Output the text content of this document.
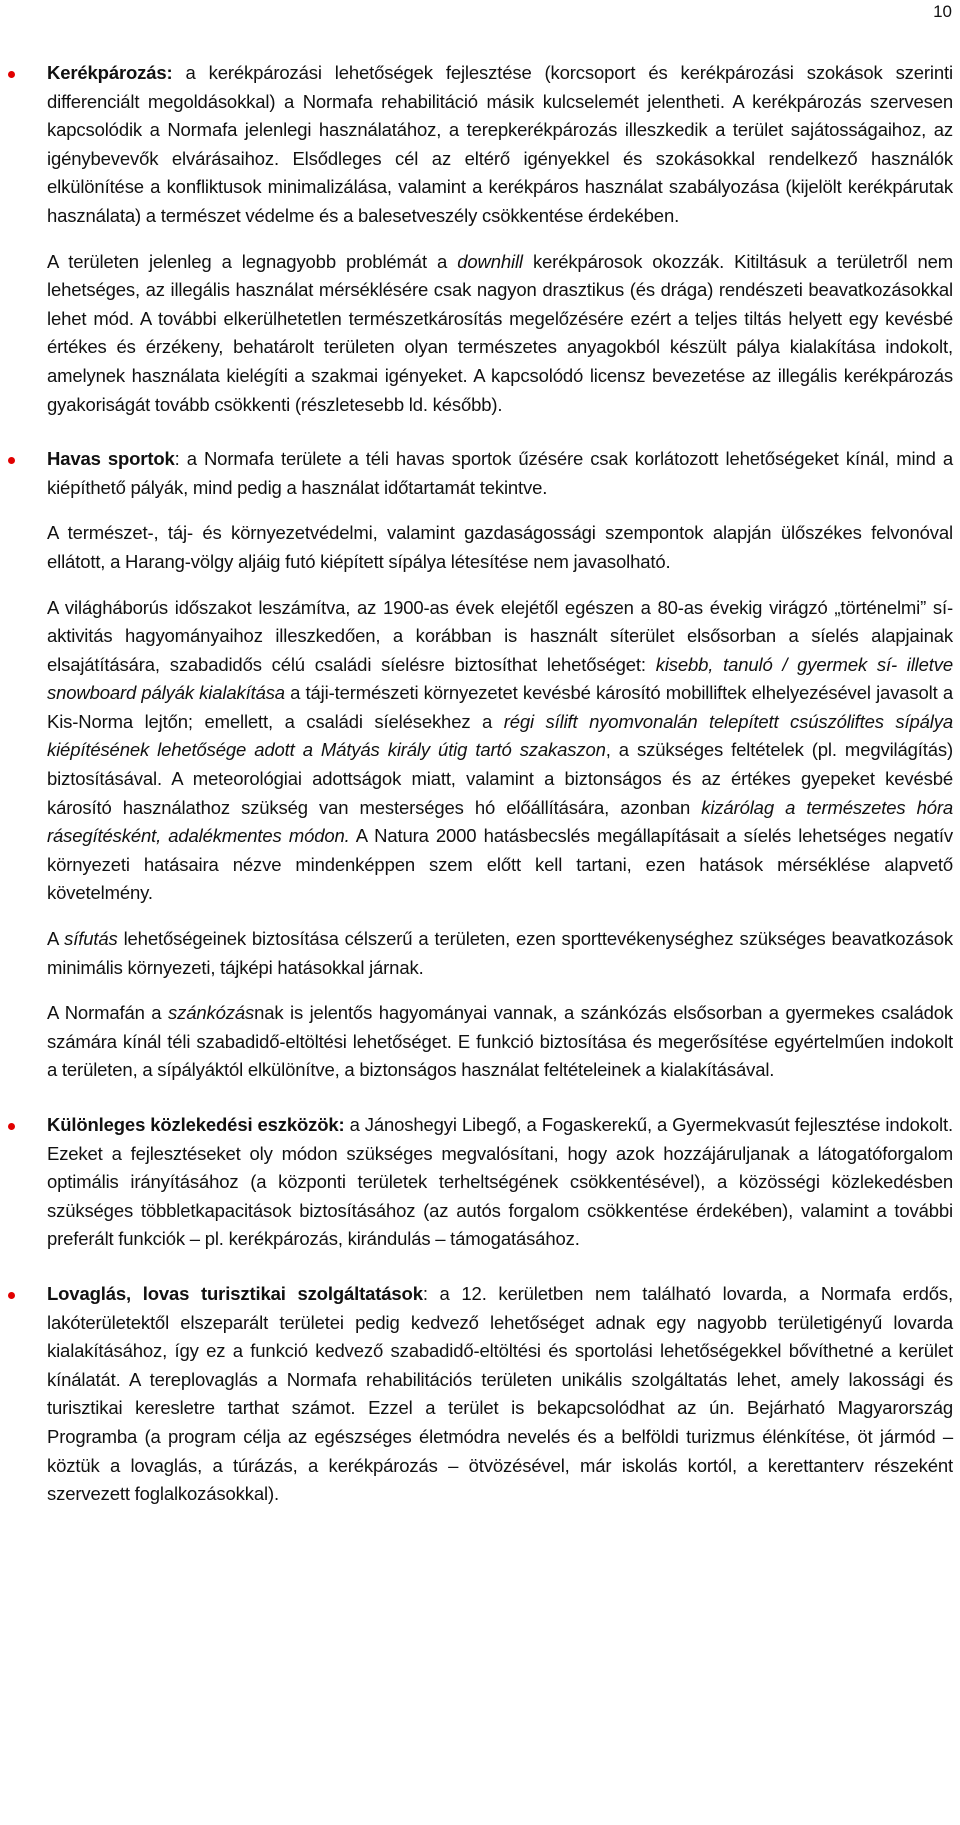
10

Kerékpározás: a kerékpározási lehetőségek fejlesztése (korcsoport és kerékpározási szokások szerinti differenciált megoldásokkal) a Normafa rehabilitáció másik kulcselemét jelentheti. A kerékpározás szervesen kapcsolódik a Normafa jelenlegi használatához, a terepkerékpározás illeszkedik a terület sajátosságaihoz, az igénybevevők elvárásaihoz. Elsődleges cél az eltérő igényekkel és szokásokkal rendelkező használók elkülönítése a konfliktusok minimalizálása, valamint a kerékpáros használat szabályozása (kijelölt kerékpárutak használata) a természet védelme és a balesetveszély csökkentése érdekében.

A területen jelenleg a legnagyobb problémát a downhill kerékpárosok okozzák. Kitiltásuk a területről nem lehetséges, az illegális használat mérséklésére csak nagyon drasztikus (és drága) rendészeti beavatkozásokkal lehet mód. A további elkerülhetetlen természetkárosítás megelőzésére ezért a teljes tiltás helyett egy kevésbé értékes és érzékeny, behatárolt területen olyan természetes anyagokból készült pálya kialakítása indokolt, amelynek használata kielégíti a szakmai igényeket. A kapcsolódó licensz bevezetése az illegális kerékpározás gyakoriságát tovább csökkenti (részletesebb ld. később).

Havas sportok: a Normafa területe a téli havas sportok űzésére csak korlátozott lehetőségeket kínál, mind a kiépíthető pályák, mind pedig a használat időtartamát tekintve.

A természet-, táj- és környezetvédelmi, valamint gazdaságossági szempontok alapján ülőszékes felvonóval ellátott, a Harang-völgy aljáig futó kiépített sípálya létesítése nem javasolható.

A világháborús időszakot leszámítva, az 1900-as évek elejétől egészen a 80-as évekig virágzó „történelmi” sí-aktivitás hagyományaihoz illeszkedően, a korábban is használt síterület elsősorban a síelés alapjainak elsajátítására, szabadidős célú családi síelésre biztosíthat lehetőséget: kisebb, tanuló / gyermek sí- illetve snowboard pályák kialakítása a táji-természeti környezetet kevésbé károsító mobilliftek elhelyezésével javasolt a Kis-Norma lejtőn; emellett, a családi síelésekhez a régi sílift nyomvonalán telepített csúszóliftes sípálya kiépítésének lehetősége adott a Mátyás király útig tartó szakaszon, a szükséges feltételek (pl. megvilágítás) biztosításával. A meteorológiai adottságok miatt, valamint a biztonságos és az értékes gyepeket kevésbé károsító használathoz szükség van mesterséges hó előállítására, azonban kizárólag a természetes hóra rásegítésként, adalékmentes módon. A Natura 2000 hatásbecslés megállapításait a síelés lehetséges negatív környezeti hatásaira nézve mindenképpen szem előtt kell tartani, ezen hatások mérséklése alapvető követelmény.

A sífutás lehetőségeinek biztosítása célszerű a területen, ezen sporttevékenységhez szükséges beavatkozások minimális környezeti, tájképi hatásokkal járnak.

A Normafán a szánkózásnak is jelentős hagyományai vannak, a szánkózás elsősorban a gyermekes családok számára kínál téli szabadidő-eltöltési lehetőséget. E funkció biztosítása és megerősítése egyértelműen indokolt a területen, a sípályáktól elkülönítve, a biztonságos használat feltételeinek a kialakításával.

Különleges közlekedési eszközök: a Jánoshegyi Libegő, a Fogaskerekű, a Gyermekvasút fejlesztése indokolt. Ezeket a fejlesztéseket oly módon szükséges megvalósítani, hogy azok hozzájáruljanak a látogatóforgalom optimális irányításához (a központi területek terheltségének csökkentésével), a közösségi közlekedésben szükséges többletkapacitások biztosításához (az autós forgalom csökkentése érdekében), valamint a további preferált funkciók – pl. kerékpározás, kirándulás – támogatásához.

Lovaglás, lovas turisztikai szolgáltatások: a 12. kerületben nem található lovarda, a Normafa erdős, lakóterületektől elszeparált területei pedig kedvező lehetőséget adnak egy nagyobb területigényű lovarda kialakításához, így ez a funkció kedvező szabadidő-eltöltési és sportolási lehetőségekkel bővíthetné a kerület kínálatát. A tereplovaglás a Normafa rehabilitációs területen unikális szolgáltatás lehet, amely lakossági és turisztikai keresletre tarthat számot. Ezzel a terület is bekapcsolódhat az ún. Bejárható Magyarország Programba (a program célja az egészséges életmódra nevelés és a belföldi turizmus élénkítése, öt jármód – köztük a lovaglás, a túrázás, a kerékpározás – ötvözésével, már iskolás kortól, a kerettanterv részeként szervezett foglalkozásokkal).
